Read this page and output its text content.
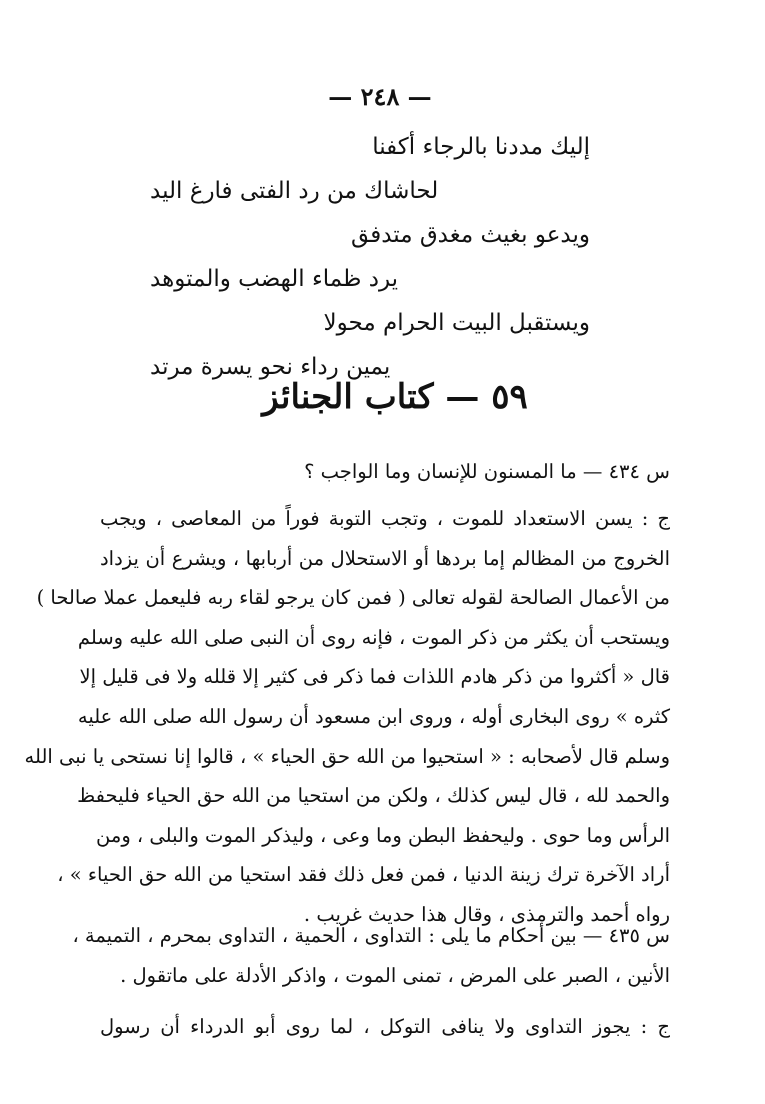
— ٢٤٨ —
إليك مددنا بالرجاء أكفنا
لحاشاك من رد الفتى فارغ اليد
ويدعو بغيث مغدق متدفق
يرد ظماء الهضب والمتوهد
ويستقبل البيت الحرام محولا
يمين رداء نحو يسرة مرتد
٥٩ — كتاب الجنائز
س ٤٣٤ — ما المسنون للإنسان وما الواجب ؟
ج : يسن الاستعداد للموت ، وتجب التوبة فوراً من المعاصى ، ويجب
الخروج من المظالم إما بردها أو الاستحلال من أربابها ، ويشرع أن يزداد
من الأعمال الصالحة لقوله تعالى ( فمن كان يرجو لقاء ربه فليعمل عملا صالحا )
ويستحب أن يكثر من ذكر الموت ، فإنه روى أن النبى صلى الله عليه وسلم
قال « أكثروا من ذكر هادم اللذات فما ذكر فى كثير إلا قلله ولا فى قليل إلا
كثره » روى البخارى أوله ، وروى ابن مسعود أن رسول الله صلى الله عليه
وسلم قال لأصحابه : « استحيوا من الله حق الحياء » ، قالوا إنا نستحى يا نبى الله
والحمد لله ، قال ليس كذلك ، ولكن من استحيا من الله حق الحياء فليحفظ
الرأس وما حوى . وليحفظ البطن وما وعى ، وليذكر الموت والبلى ، ومن
أراد الآخرة ترك زينة الدنيا ، فمن فعل ذلك فقد استحيا من الله حق الحياء » ،
رواه أحمد والترمذى ، وقال هذا حديث غريب .
س ٤٣٥ — بين أحكام ما يلى : التداوى ، الحمية ، التداوى بمحرم ، التميمة ،
الأنين ، الصبر على المرض ، تمنى الموت ، واذكر الأدلة على ماتقول .
ج : يجوز التداوى ولا ينافى التوكل ، لما روى أبو الدرداء أن رسول
